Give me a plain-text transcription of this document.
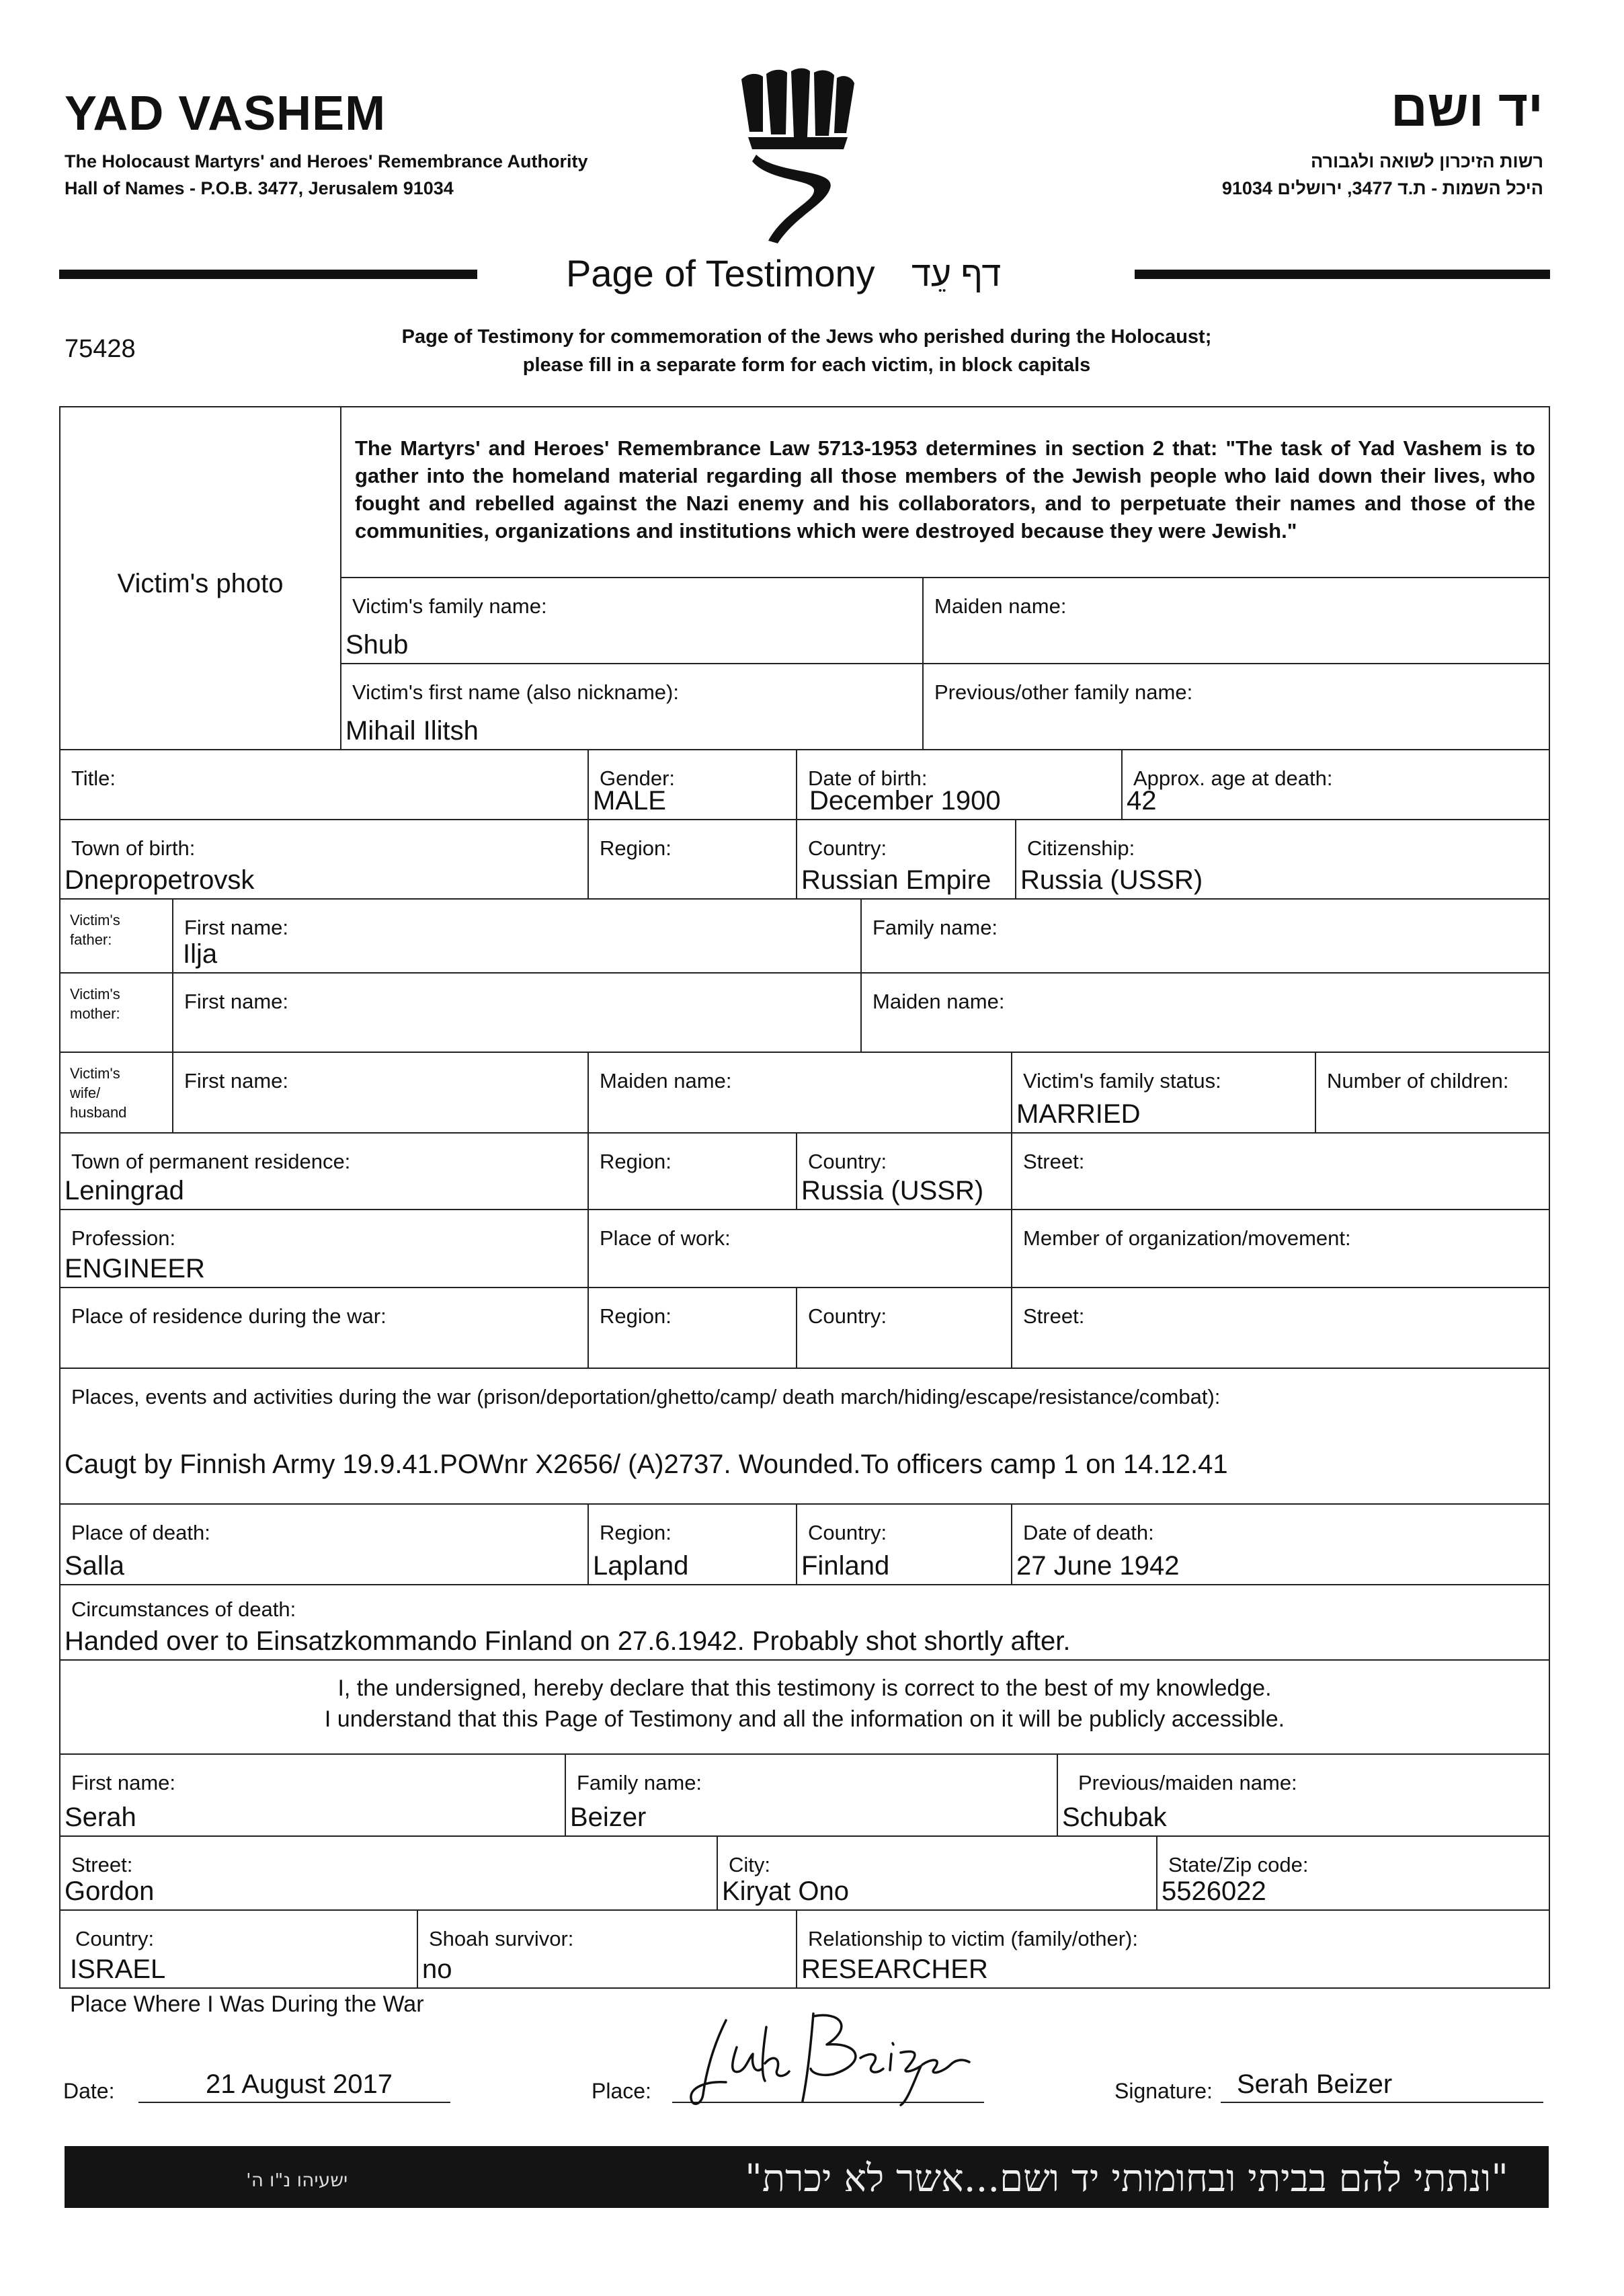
YAD VASHEM
The Holocaust Martyrs' and Heroes' Remembrance Authority
Hall of Names - P.O.B. 3477, Jerusalem 91034
יד ושם
רשות הזיכרון לשואה ולגבורה
היכל השמות - ת.ד 3477, ירושלים 91034
Page of Testimony דף עֵד
75428	Page of Testimony for commemoration of the Jews who perished during the Holocaust;
please fill in a separate form for each victim, in block capitals
Victim's photo
The Martyrs' and Heroes' Remembrance Law 5713-1953 determines in section 2 that: "The task of Yad Vashem is to gather into the homeland material regarding all those members of the Jewish people who laid down their lives, who fought and rebelled against the Nazi enemy and his collaborators, and to perpetuate their names and those of the communities, organizations and institutions which were destroyed because they were Jewish."
Victim's family name:
Shub
Maiden name:
Victim's first name (also nickname):
Mihail Ilitsh
Previous/other family name:
Title:	Gender:
MALE
Date of birth:
December 1900
Approx. age at death:
42
Town of birth:
Dnepropetrovsk
Region:	Country:
Russian Empire
Citizenship:
Russia (USSR)
Victim's
father:
First name:
Ilja
Family name:
Victim's
mother:
First name:	Maiden name:
Victim's
wife/
husband
First name:	Maiden name:	Victim's family status:
MARRIED
Number of children:
Town of permanent residence:
Leningrad
Region:	Country:
Russia (USSR)
Street:
Profession:
ENGINEER
Place of work:	Member of organization/movement:
Place of residence during the war:	Region:	Country:	Street:
Places, events and activities during the war (prison/deportation/ghetto/camp/ death march/hiding/escape/resistance/combat):
Caugt by Finnish Army 19.9.41.POWnr X2656/ (A)2737. Wounded.To officers camp 1 on 14.12.41
Place of death:
Salla
Region:
Lapland
Country:
Finland
Date of death:
27 June 1942
Circumstances of death:
Handed over to Einsatzkommando Finland on 27.6.1942. Probably shot shortly after.
I, the undersigned, hereby declare that this testimony is correct to the best of my knowledge.
I understand that this Page of Testimony and all the information on it will be publicly accessible.
First name:
Serah
Family name:
Beizer
Previous/maiden name:
Schubak
Street:
Gordon
City:
Kiryat Ono
State/Zip code:
5526022
Country:
ISRAEL
Shoah survivor:
no
Relationship to victim (family/other):
RESEARCHER
Place Where I Was During the War
Date:	21 August 2017	Place:	Signature: Serah Beizer
"ונתתי להם בביתי ובחומותי יד ושם...אשר לא יכרת"
ישעיהו נ"ו ה'
